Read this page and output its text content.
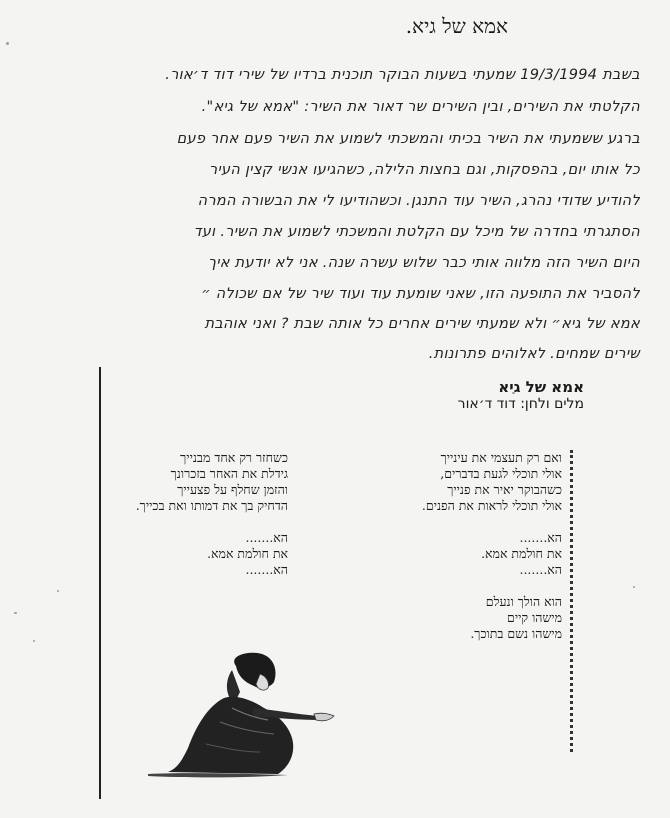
אמא של גיא.
בשבת 19/3/1994 שמעתי בשעות הבוקר תוכנית ברדיו של שירי דוד ד׳אור.
הקלטתי את השירים, ובין השירים שר דאור את השיר: "אמא של גיא".
ברגע ששמעתי את השיר בכיתי והמשכתי לשמוע את השיר פעם אחר פעם
כל אותו יום, בהפסקות, וגם בחצות הלילה, כשהגיעו אנשי קצין העיר
להודיע שדודי נהרג, השיר עוד התנגן. וכשהודיעו לי את הבשורה המרה
הסתגרתי בחדרה של מיכל עם הקלטת והמשכתי לשמוע את השיר. ועד
היום השיר הזה מלווה אותי כבר שלוש עשרה שנה. אני לא יודעת איך
להסביר את התופעה הזו, שאני שומעת עוד ועוד שיר של אם שכולה ״
אמא של גיא״ ולא שמעתי שירים אחרים כל אותה שבת ? ואני אוהבת
שירים שמחים. לאלוהים פתרונות.
אמא של גיא
מלים ולחן: דוד ד׳אור
ואם רק תעצמי את עינייך
אולי תוכלי לגעת בדברים,
כשהבוקר יאיר את פנייך
אולי תוכלי לראות את הפנים.
הא.......
את חולמת אמא.
הא.......
הוא הולך ונעלם
מישהו קיים
מישהו נשם בתוכך.
כשחזר רק אחד מבנייך
גידלת את האחר בזכרונך
והזמן שחלף על פצעייך
הדחיק בך את דמותו ואת בכייך.
הא.......
את חולמת אמא.
הא.......
